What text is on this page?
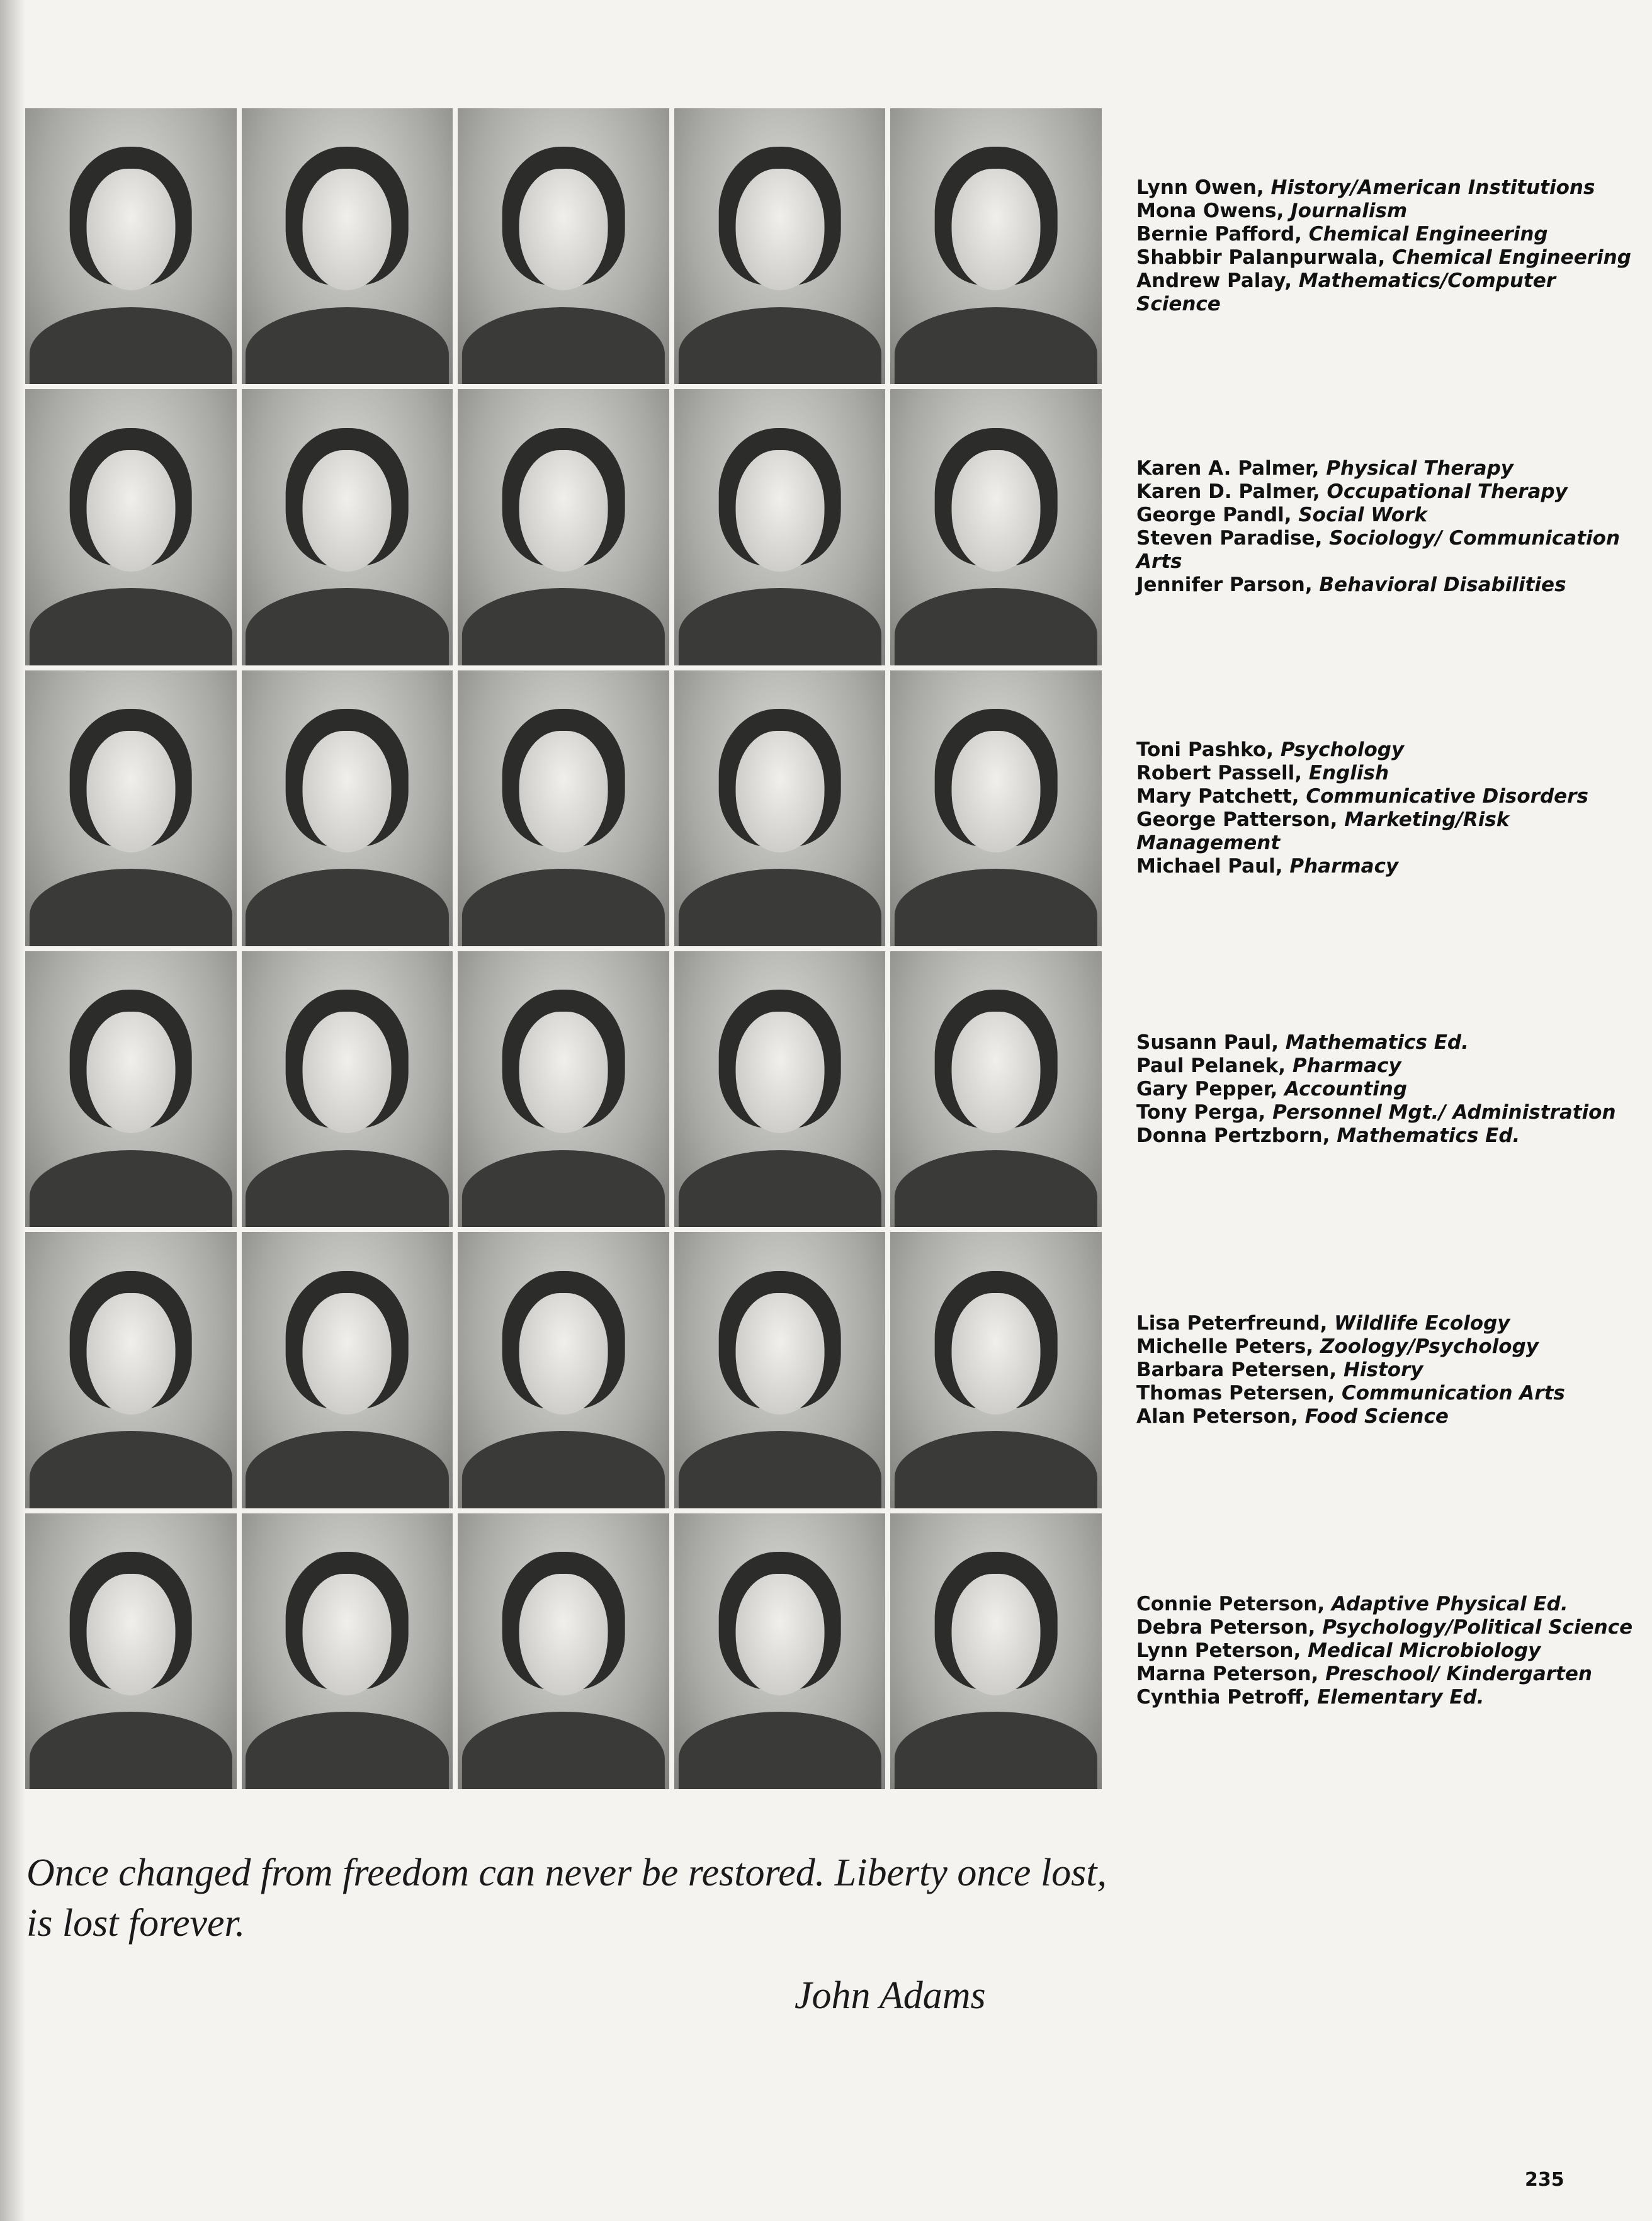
Lynn Owen, History/American Institutions

Mona Owens, Journalism

Bernie Pafford, Chemical Engineering

Shabbir Palanpurwala, Chemical Engineering

Andrew Palay, Mathematics/Computer Science

Karen A. Palmer, Physical Therapy

Karen D. Palmer, Occupational Therapy

George Pandl, Social Work

Steven Paradise, Sociology/ Communication Arts

Jennifer Parson, Behavioral Disabilities

Toni Pashko, Psychology

Robert Passell, English

Mary Patchett, Communicative Disorders

George Patterson, Marketing/Risk Management

Michael Paul, Pharmacy

Susann Paul, Mathematics Ed.

Paul Pelanek, Pharmacy

Gary Pepper, Accounting

Tony Perga, Personnel Mgt./ Administration

Donna Pertzborn, Mathematics Ed.

Lisa Peterfreund, Wildlife Ecology

Michelle Peters, Zoology/Psychology

Barbara Petersen, History

Thomas Petersen, Communication Arts

Alan Peterson, Food Science

Connie Peterson, Adaptive Physical Ed.

Debra Peterson, Psychology/Political Science

Lynn Peterson, Medical Microbiology

Marna Peterson, Preschool/ Kindergarten

Cynthia Petroff, Elementary Ed.

Once changed from freedom can never be restored. Liberty once lost, is lost forever.

John Adams

235
